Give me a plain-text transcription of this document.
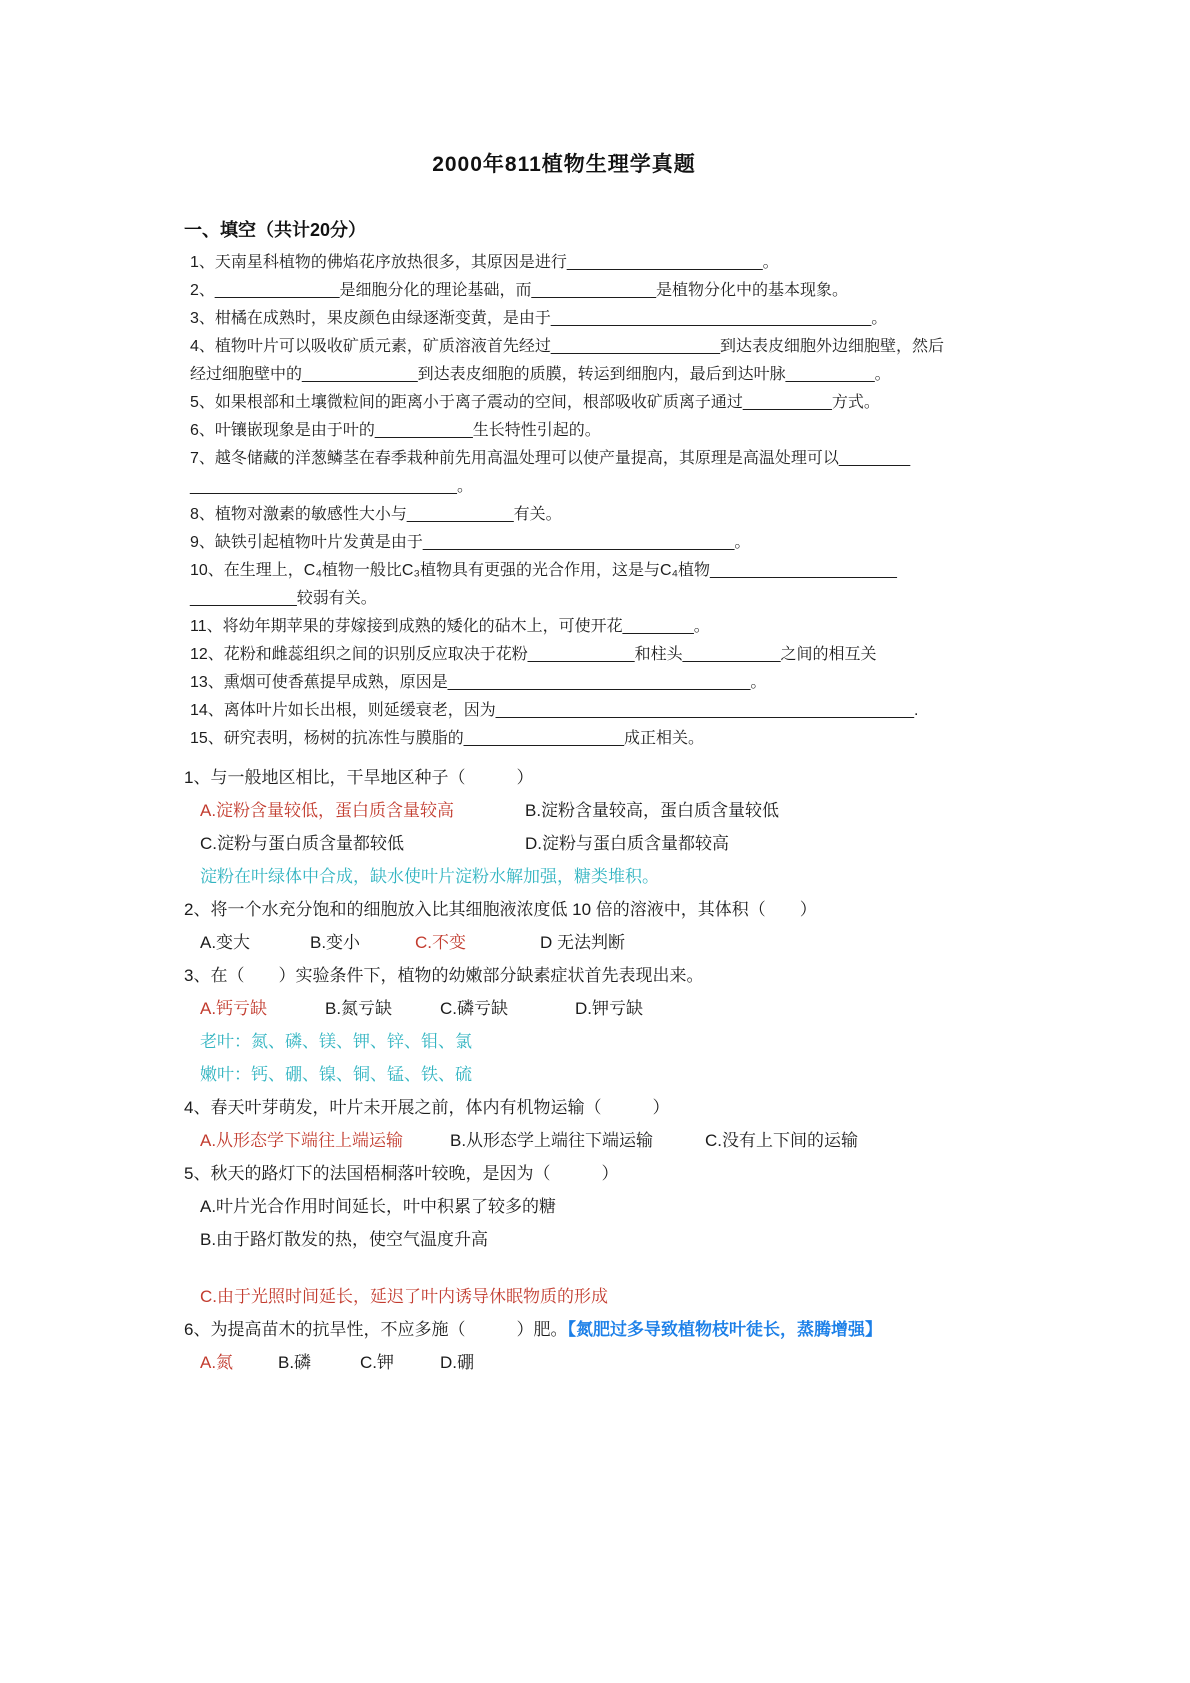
2000年811植物生理学真题
一、填空（共计20分）
1、天南星科植物的佛焰花序放热很多，其原因是进行______________________。
2、______________是细胞分化的理论基础，而______________是植物分化中的基本现象。
3、柑橘在成熟时，果皮颜色由绿逐渐变黄，是由于____________________________________。
4、植物叶片可以吸收矿质元素，矿质溶液首先经过___________________到达表皮细胞外边细胞壁，然后
经过细胞壁中的_____________到达表皮细胞的质膜，转运到细胞内，最后到达叶脉__________。
5、如果根部和土壤微粒间的距离小于离子震动的空间，根部吸收矿质离子通过__________方式。
6、叶镶嵌现象是由于叶的___________生长特性引起的。
7、越冬储藏的洋葱鳞茎在春季栽种前先用高温处理可以使产量提高，其原理是高温处理可以________
______________________________。
8、植物对激素的敏感性大小与____________有关。
9、缺铁引起植物叶片发黄是由于___________________________________。
10、在生理上，C₄植物一般比C₃植物具有更强的光合作用，这是与C₄植物_____________________
____________较弱有关。
11、将幼年期苹果的芽嫁接到成熟的矮化的砧木上，可使开花________。
12、花粉和雌蕊组织之间的识别反应取决于花粉____________和柱头___________之间的相互关
13、熏烟可使香蕉提早成熟，原因是__________________________________。
14、离体叶片如长出根，则延缓衰老，因为_______________________________________________.
15、研究表明，杨树的抗冻性与膜脂的__________________成正相关。
1、与一般地区相比，干旱地区种子（　　　）
A.淀粉含量较低，蛋白质含量较高	B.淀粉含量较高，蛋白质含量较低
C.淀粉与蛋白质含量都较低	D.淀粉与蛋白质含量都较高
淀粉在叶绿体中合成，缺水使叶片淀粉水解加强，糖类堆积。
2、将一个水充分饱和的细胞放入比其细胞液浓度低 10 倍的溶液中，其体积（　　）
A.变大	B.变小	C.不变	D 无法判断
3、在（　　）实验条件下，植物的幼嫩部分缺素症状首先表现出来。
A.钙亏缺	B.氮亏缺	C.磷亏缺	D.钾亏缺
老叶：氮、磷、镁、钾、锌、钼、氯
嫩叶：钙、硼、镍、铜、锰、铁、硫
4、春天叶芽萌发，叶片未开展之前，体内有机物运输（　　　）
A.从形态学下端往上端运输	B.从形态学上端往下端运输	C.没有上下间的运输
5、秋天的路灯下的法国梧桐落叶较晚，是因为（　　　）
A.叶片光合作用时间延长，叶中积累了较多的糖
B.由于路灯散发的热，使空气温度升高
C.由于光照时间延长，延迟了叶内诱导休眠物质的形成
6、为提高苗木的抗旱性，不应多施（　　　）肥。【氮肥过多导致植物枝叶徒长，蒸腾增强】
A.氮	B.磷	C.钾	D.硼
